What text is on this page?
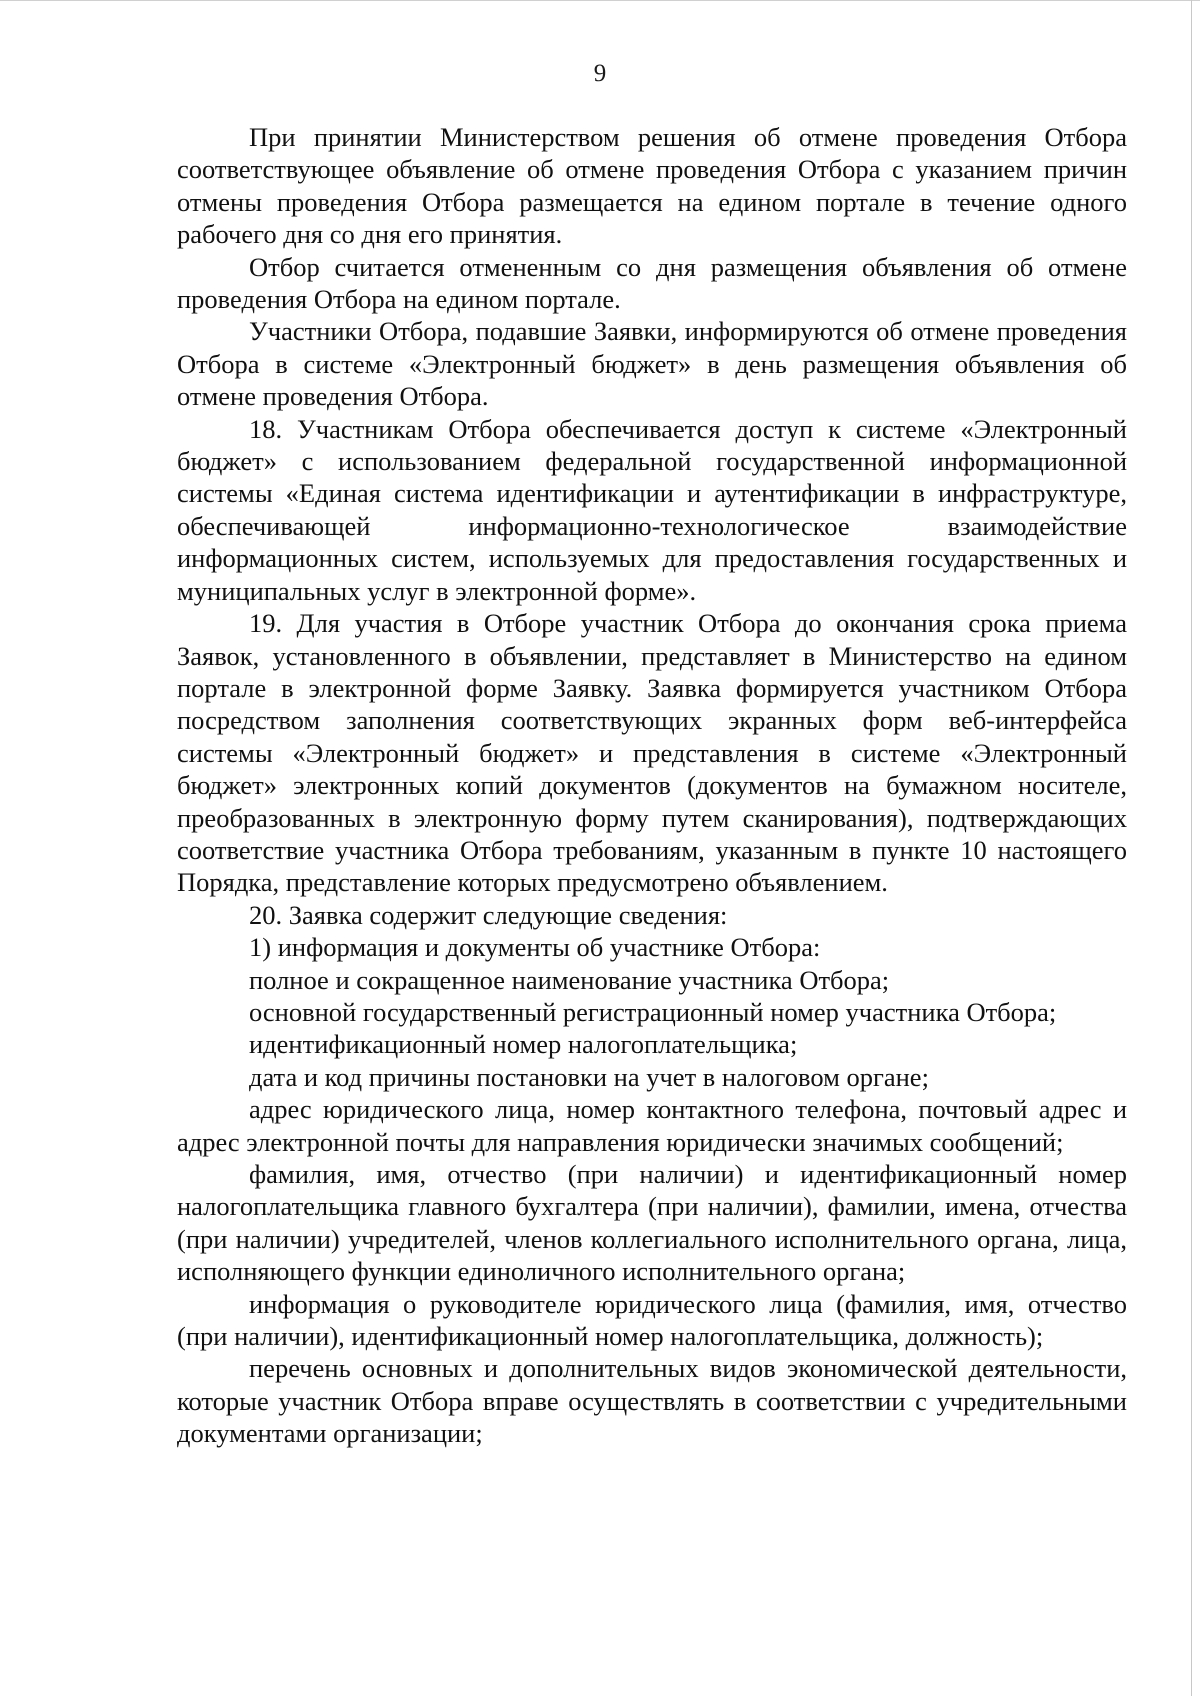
9

При принятии Министерством решения об отмене проведения Отбора соответствующее объявление об отмене проведения Отбора с указанием причин отмены проведения Отбора размещается на едином портале в течение одного рабочего дня со дня его принятия.

Отбор считается отмененным со дня размещения объявления об отмене проведения Отбора на едином портале.

Участники Отбора, подавшие Заявки, информируются об отмене проведения Отбора в системе «Электронный бюджет» в день размещения объявления об отмене проведения Отбора.

18. Участникам Отбора обеспечивается доступ к системе «Электронный бюджет» с использованием федеральной государственной информационной системы «Единая система идентификации и аутентификации в инфраструктуре, обеспечивающей информационно-технологическое взаимодействие информационных систем, используемых для предоставления государственных и муниципальных услуг в электронной форме».

19. Для участия в Отборе участник Отбора до окончания срока приема Заявок, установленного в объявлении, представляет в Министерство на едином портале в электронной форме Заявку. Заявка формируется участником Отбора посредством заполнения соответствующих экранных форм веб-интерфейса системы «Электронный бюджет» и представления в системе «Электронный бюджет» электронных копий документов (документов на бумажном носителе, преобразованных в электронную форму путем сканирования), подтверждающих соответствие участника Отбора требованиям, указанным в пункте 10 настоящего Порядка, представление которых предусмотрено объявлением.

20. Заявка содержит следующие сведения:

1) информация и документы об участнике Отбора:

полное и сокращенное наименование участника Отбора;

основной государственный регистрационный номер участника Отбора;

идентификационный номер налогоплательщика;

дата и код причины постановки на учет в налоговом органе;

адрес юридического лица, номер контактного телефона, почтовый адрес и адрес электронной почты для направления юридически значимых сообщений;

фамилия, имя, отчество (при наличии) и идентификационный номер налогоплательщика главного бухгалтера (при наличии), фамилии, имена, отчества (при наличии) учредителей, членов коллегиального исполнительного органа, лица, исполняющего функции единоличного исполнительного органа;

информация о руководителе юридического лица (фамилия, имя, отчество (при наличии), идентификационный номер налогоплательщика, должность);

перечень основных и дополнительных видов экономической деятельности, которые участник Отбора вправе осуществлять в соответствии с учредительными документами организации;
